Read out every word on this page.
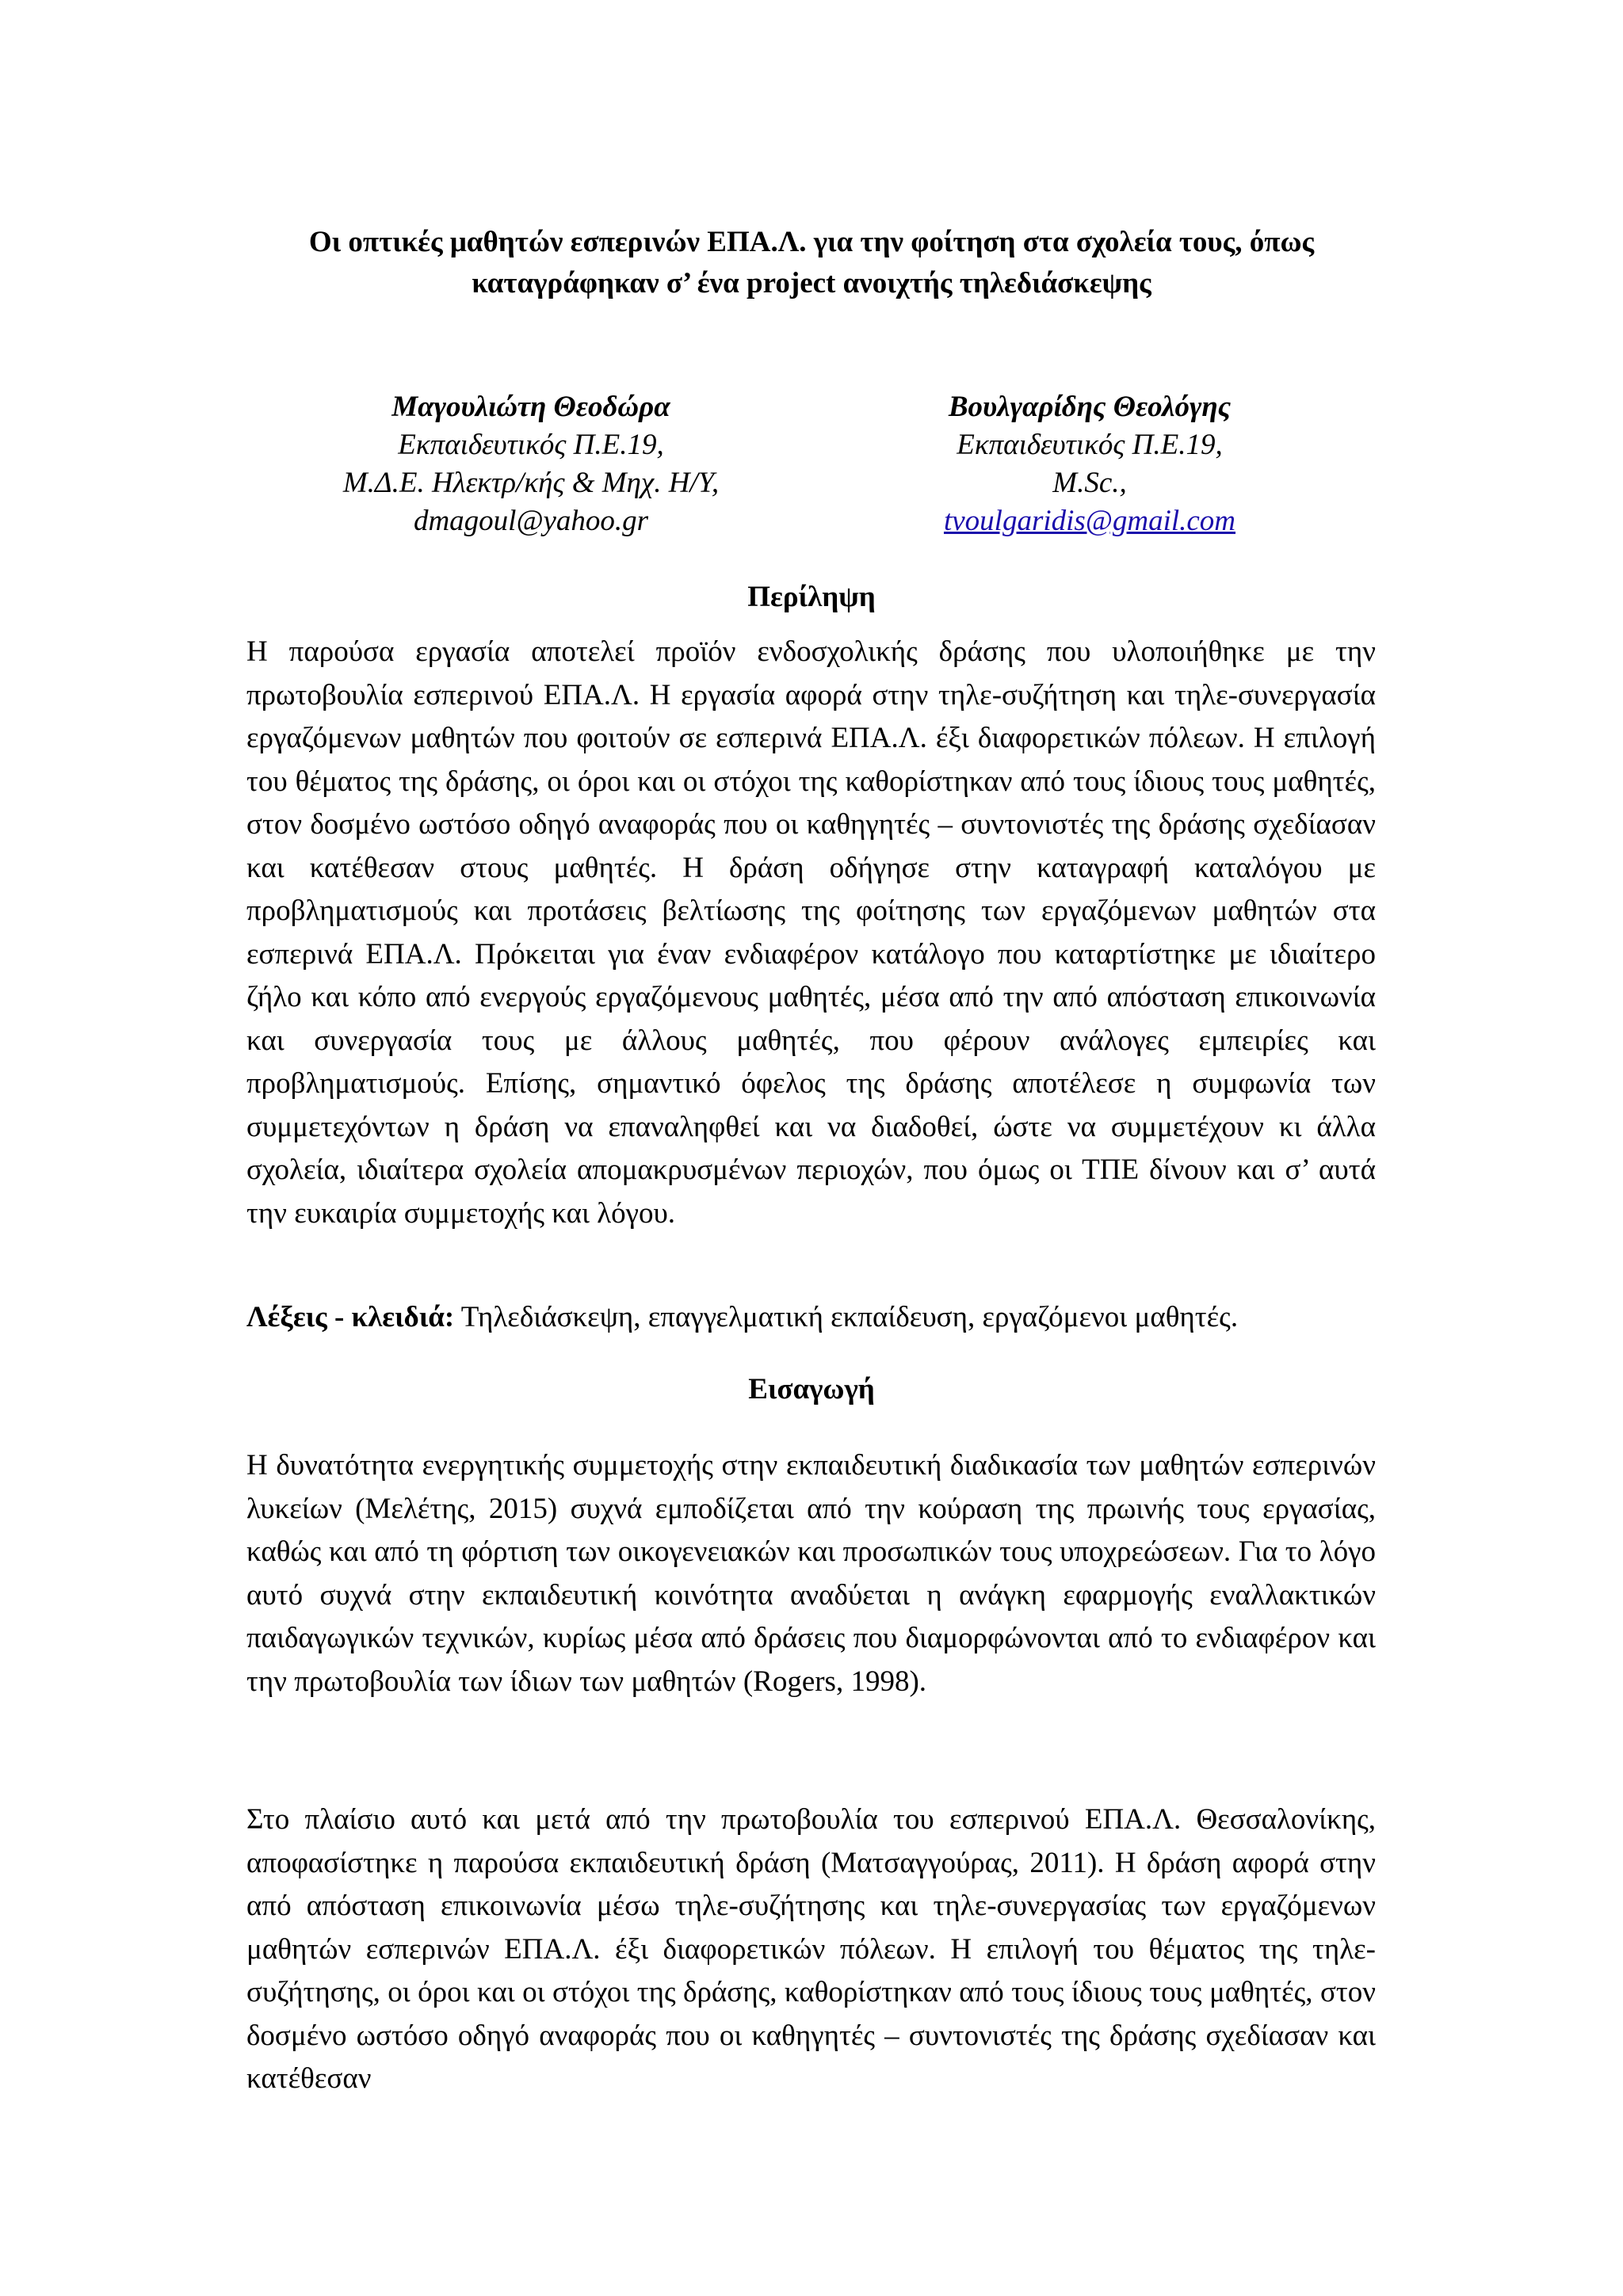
Οι οπτικές μαθητών εσπερινών ΕΠΑ.Λ. για την φοίτηση στα σχολεία τους, όπως
καταγράφηκαν σ’ ένα project ανοιχτής τηλεδιάσκεψης
Μαγουλιώτη Θεοδώρα
Εκπαιδευτικός Π.Ε.19,
Μ.Δ.Ε. Ηλεκτρ/κής & Μηχ. Η/Υ,
dmagoul@yahoo.gr
Βουλγαρίδης Θεολόγης
Εκπαιδευτικός Π.Ε.19,
M.Sc.,
tvoulgaridis@gmail.com
Περίληψη

Η παρούσα εργασία αποτελεί προϊόν ενδοσχολικής δράσης που υλοποιήθηκε με την πρωτοβουλία εσπερινού ΕΠΑ.Λ. Η εργασία αφορά στην τηλε-συζήτηση και τηλε-συνεργασία εργαζόμενων μαθητών που φοιτούν σε εσπερινά ΕΠΑ.Λ. έξι διαφορετικών πόλεων. Η επιλογή του θέματος της δράσης, οι όροι και οι στόχοι της καθορίστηκαν από τους ίδιους τους μαθητές, στον δοσμένο ωστόσο οδηγό αναφοράς που οι καθηγητές – συντονιστές της δράσης σχεδίασαν και κατέθεσαν στους μαθητές. Η δράση οδήγησε στην καταγραφή καταλόγου με προβληματισμούς και προτάσεις βελτίωσης της φοίτησης των εργαζόμενων μαθητών στα εσπερινά ΕΠΑ.Λ. Πρόκειται για έναν ενδιαφέρον κατάλογο που καταρτίστηκε με ιδιαίτερο ζήλο και κόπο από ενεργούς εργαζόμενους μαθητές, μέσα από την από απόσταση επικοινωνία και συνεργασία τους με άλλους μαθητές, που φέρουν ανάλογες εμπειρίες και προβληματισμούς. Επίσης, σημαντικό όφελος της δράσης αποτέλεσε η συμφωνία των συμμετεχόντων η δράση να επαναληφθεί και να διαδοθεί, ώστε να συμμετέχουν κι άλλα σχολεία, ιδιαίτερα σχολεία απομακρυσμένων περιοχών, που όμως οι ΤΠΕ δίνουν και σ’ αυτά την ευκαιρία συμμετοχής και λόγου.

Λέξεις - κλειδιά: Τηλεδιάσκεψη, επαγγελματική εκπαίδευση, εργαζόμενοι μαθητές.

Εισαγωγή

Η δυνατότητα ενεργητικής συμμετοχής στην εκπαιδευτική διαδικασία των μαθητών εσπερινών λυκείων (Μελέτης, 2015) συχνά εμποδίζεται από την κούραση της πρωινής τους εργασίας, καθώς και από τη φόρτιση των οικογενειακών και προσωπικών τους υποχρεώσεων. Για το λόγο αυτό συχνά στην εκπαιδευτική κοινότητα αναδύεται η ανάγκη εφαρμογής εναλλακτικών παιδαγωγικών τεχνικών, κυρίως μέσα από δράσεις που διαμορφώνονται από το ενδιαφέρον και την πρωτοβουλία των ίδιων των μαθητών (Rogers, 1998).

Στο πλαίσιο αυτό και μετά από την πρωτοβουλία του εσπερινού ΕΠΑ.Λ. Θεσσαλονίκης, αποφασίστηκε η παρούσα εκπαιδευτική δράση (Ματσαγγούρας, 2011). Η δράση αφορά στην από απόσταση επικοινωνία μέσω τηλε-συζήτησης και τηλε-συνεργασίας των εργαζόμενων μαθητών εσπερινών ΕΠΑ.Λ. έξι διαφορετικών πόλεων. Η επιλογή του θέματος της τηλε-συζήτησης, οι όροι και οι στόχοι της δράσης, καθορίστηκαν από τους ίδιους τους μαθητές, στον δοσμένο ωστόσο οδηγό αναφοράς που οι καθηγητές – συντονιστές της δράσης σχεδίασαν και κατέθεσαν
